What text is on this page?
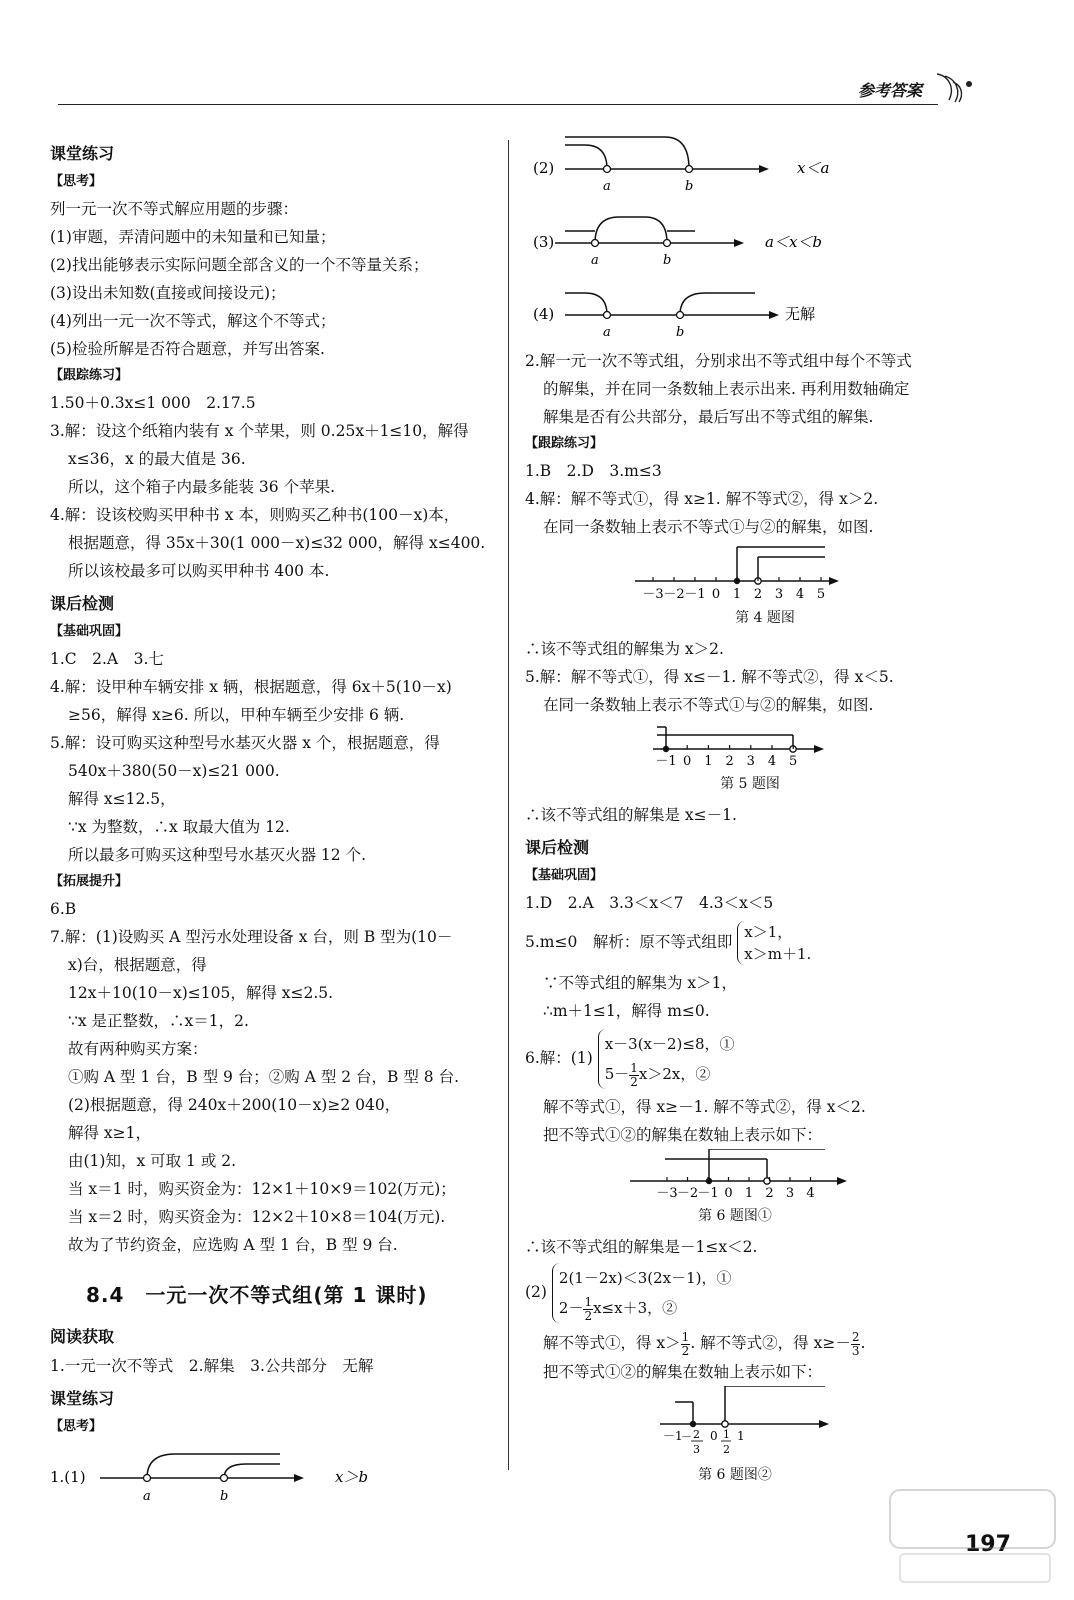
参考答案
课堂练习
【思考】
列一元一次不等式解应用题的步骤：
(1)审题，弄清问题中的未知量和已知量；
(2)找出能够表示实际问题全部含义的一个不等量关系；
(3)设出未知数(直接或间接设元)；
(4)列出一元一次不等式，解这个不等式；
(5)检验所解是否符合题意，并写出答案.
【跟踪练习】
1.50＋0.3x≤1 000　2.17.5
3.解：设这个纸箱内装有 x 个苹果，则 0.25x＋1≤10，解得
x≤36，x 的最大值是 36.
所以，这个箱子内最多能装 36 个苹果.
4.解：设该校购买甲种书 x 本，则购买乙种书(100－x)本，
根据题意，得 35x＋30(1 000－x)≤32 000，解得 x≤400.
所以该校最多可以购买甲种书 400 本.
课后检测
【基础巩固】
1.C　2.A　3.七
4.解：设甲种车辆安排 x 辆，根据题意，得 6x＋5(10－x)
≥56，解得 x≥6. 所以，甲种车辆至少安排 6 辆.
5.解：设可购买这种型号水基灭火器 x 个，根据题意，得
540x＋380(50－x)≤21 000.
解得 x≤12.5，
∵x 为整数，∴x 取最大值为 12.
所以最多可购买这种型号水基灭火器 12 个.
【拓展提升】
6.B
7.解：(1)设购买 A 型污水处理设备 x 台，则 B 型为(10－
x)台，根据题意，得
12x＋10(10－x)≤105，解得 x≤2.5.
∵x 是正整数，∴x＝1，2.
故有两种购买方案：
①购 A 型 1 台，B 型 9 台；②购 A 型 2 台，B 型 8 台.
(2)根据题意，得 240x＋200(10－x)≥2 040，
解得 x≥1，
由(1)知，x 可取 1 或 2.
当 x＝1 时，购买资金为：12×1＋10×9＝102(万元)；
当 x＝2 时，购买资金为：12×2＋10×8＝104(万元).
故为了节约资金，应选购 A 型 1 台，B 型 9 台.
8.4　一元一次不等式组(第 1 课时)
阅读获取
1.一元一次不等式　2.解集　3.公共部分　无解
课堂练习
【思考】
1.(1)
a	b
x＞b
(2)
a	b
x＜a

(3)
a	b
a＜x＜b

(4)
a	b
无解
2.解一元一次不等式组，分别求出不等式组中每个不等式
的解集，并在同一条数轴上表示出来. 再利用数轴确定
解集是否有公共部分，最后写出不等式组的解集.
【跟踪练习】
1.B　2.D　3.m≤3
4.解：解不等式①，得 x≥1. 解不等式②，得 x＞2.
在同一条数轴上表示不等式①与②的解集，如图.
－3 －2 －1 0 1 2 3 4 5
第 4 题图
∴该不等式组的解集为 x＞2.
5.解：解不等式①，得 x≤－1. 解不等式②，得 x＜5.
在同一条数轴上表示不等式①与②的解集，如图.
－1 0 1 2 3 4 5
第 5 题图
∴该不等式组的解集是 x≤－1.
课后检测
【基础巩固】
1.D　2.A　3.3＜x＜7　4.3＜x＜5
5.m≤0　解析：原不等式组即
x＞1，
x＞m＋1.
∵不等式组的解集为 x＞1，
∴m＋1≤1，解得 m≤0.
6.解：(1)
x－3(x－2)≤8，①
$5- \frac{1}{2} x>2x$，②
解不等式①，得 x≥－1. 解不等式②，得 x＜2.
把不等式①②的解集在数轴上表示如下：
－3 －2 －1 0 1 2 3 4
第 6 题图①
∴该不等式组的解集是－1≤x＜2.
(2)
2(1－2x)＜3(2x－1)，①
$2- \frac{1}{2} x\le x+3$，②
解不等式①，得 $x> \frac{1}{2}$ . 解不等式②，得 $x\ge- \frac{2}{3}$ .
把不等式①②的解集在数轴上表示如下：
－1
－ 2
3
0 1
2
1
第 6 题图②
197
